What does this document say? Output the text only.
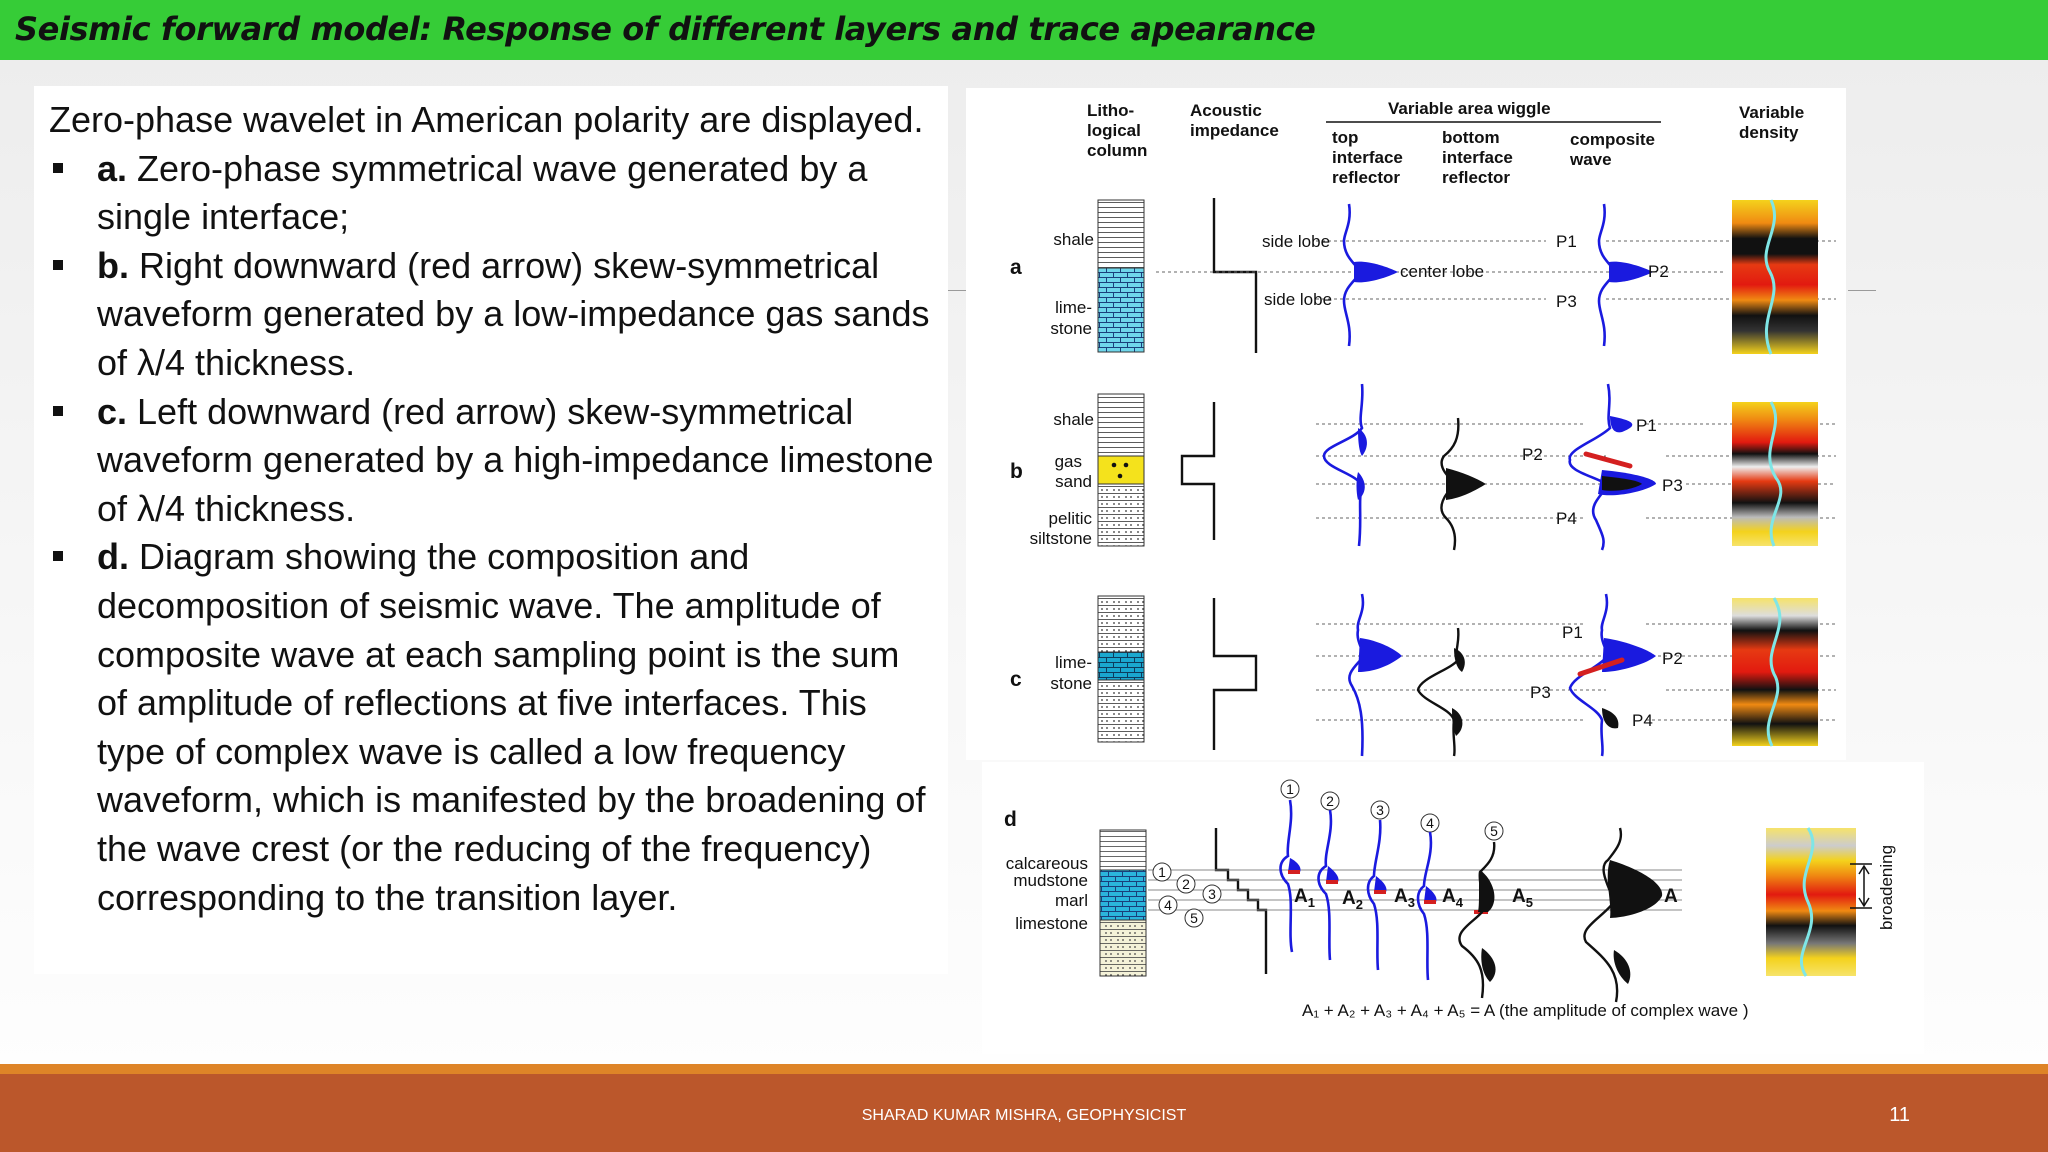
Seismic forward model: Response of different layers and trace apearance

Zero-phase wavelet in American polarity are displayed.

a. Zero-phase symmetrical wave generated by a single interface;
b. Right downward (red arrow) skew-symmetrical waveform generated by a low-impedance gas sands of λ/4 thickness.
c. Left downward (red arrow) skew-symmetrical waveform generated by a high-impedance limestone of λ/4 thickness.
d. Diagram showing the composition and decomposition of seismic wave. The amplitude of composite wave at each sampling point is the sum of amplitude of reflections at five interfaces. This type of complex wave is called a low frequency waveform, which is manifested by the broadening of the wave crest (or the reducing of the frequency) corresponding to the transition layer.
Litho-
logical
column
Acoustic
impedance
Variable area wiggle
top
interface
reflector
bottom
interface
reflector
composite
wave
Variable
density
a
shale
lime-
stone
side lobe
side lobe
center lobe
P1
P2
P3
b
shale
gas
sand
pelitic
siltstone
P1
P2
P3
P4
c
lime-
stone
P1
P2
P3
P4
d
calcareous
mudstone
marl
limestone
1
2
3
4
5
1
2
3
4	5
$A_1$ $A_2$ $A_3$ $A_4$	$A_5$	A	broadening
A₁ + A₂ + A₃ + A₄ + A₅ = A (the amplitude of complex wave )
SHARAD KUMAR MISHRA, GEOPHYSICIST	11
